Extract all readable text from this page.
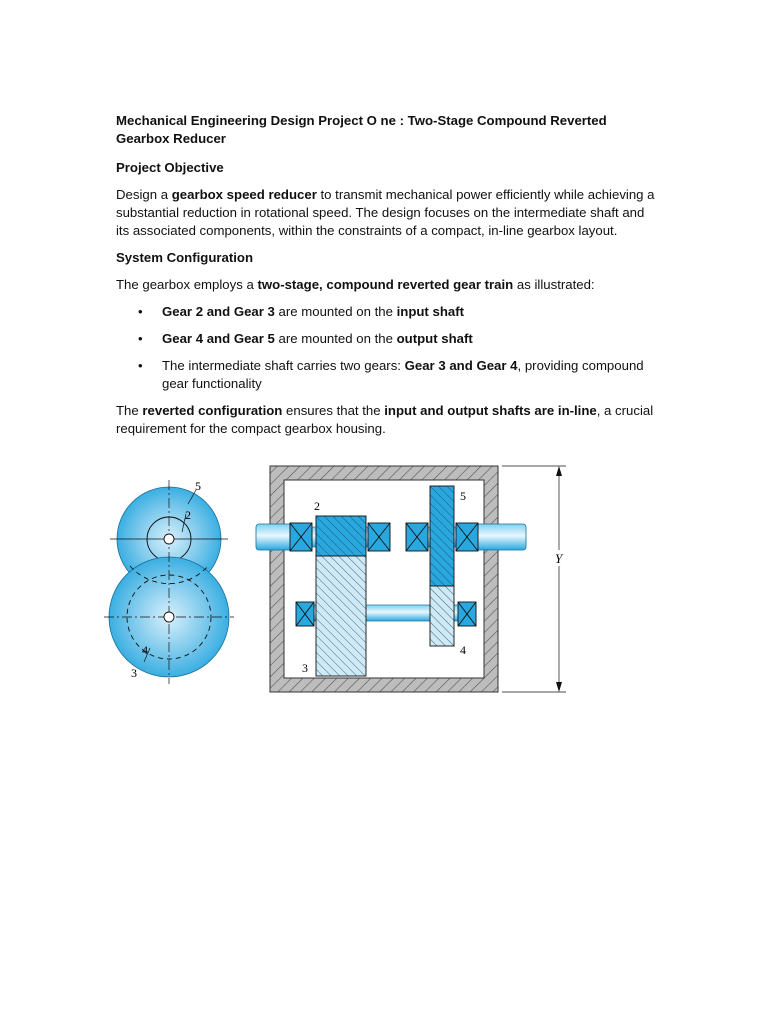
Mechanical Engineering Design Project O ne : Two-Stage Compound Reverted Gearbox Reducer

Project Objective

Design a gearbox speed reducer to transmit mechanical power efficiently while achieving a substantial reduction in rotational speed. The design focuses on the intermediate shaft and its associated components, within the constraints of a compact, in-line gearbox layout.

System Configuration

The gearbox employs a two-stage, compound reverted gear train as illustrated:

• Gear 2 and Gear 3 are mounted on the input shaft
• Gear 4 and Gear 5 are mounted on the output shaft
• The intermediate shaft carries two gears: Gear 3 and Gear 4, providing compound gear functionality

The reverted configuration ensures that the input and output shafts are in-line, a crucial requirement for the compact gearbox housing.

5
2
4
3
2
5
4
3
Y
